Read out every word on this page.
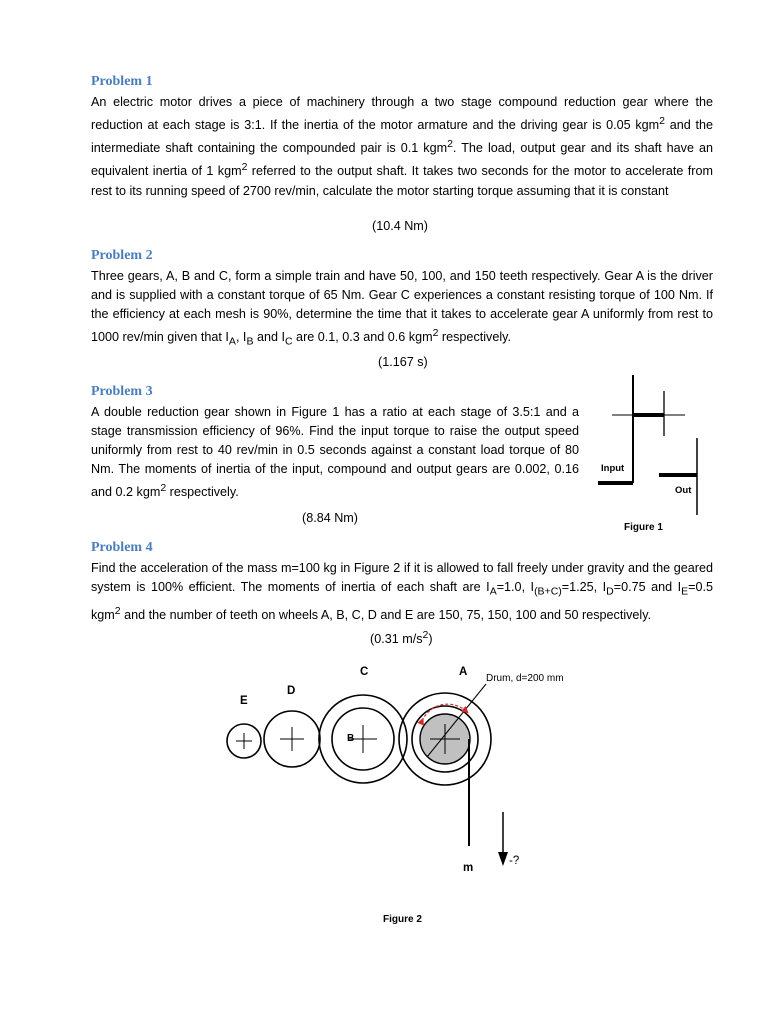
Problem 1

An electric motor drives a piece of machinery through a two stage compound reduction gear where the reduction at each stage is 3:1. If the inertia of the motor armature and the driving gear is 0.05 kgm$^2$ and the intermediate shaft containing the compounded pair is 0.1 kgm$^2$. The load, output gear and its shaft have an equivalent inertia of 1 kgm$^2$ referred to the output shaft. It takes two seconds for the motor to accelerate from rest to its running speed of 2700 rev/min, calculate the motor starting torque assuming that it is constant

(10.4 Nm)

Problem 2

Three gears, A, B and C, form a simple train and have 50, 100, and 150 teeth respectively. Gear A is the driver and is supplied with a constant torque of 65 Nm. Gear C experiences a constant resisting torque of 100 Nm. If the efficiency at each mesh is 90%, determine the time that it takes to accelerate gear A uniformly from rest to 1000 rev/min given that $I_A$, $I_B$ and $I_C$ are 0.1, 0.3 and 0.6 kgm$^2$ respectively.

(1.167 s)

Problem 3

A double reduction gear shown in Figure 1 has a ratio at each stage of 3.5:1 and a stage transmission efficiency of 96%. Find the input torque to raise the output speed uniformly from rest to 40 rev/min in 0.5 seconds against a constant load torque of 80 Nm. The moments of inertia of the input, compound and output gears are 0.002, 0.16 and 0.2 kgm$^2$ respectively.

(8.84 Nm)

Input

Out

Figure 1

Problem 4

Find the acceleration of the mass m=100 kg in Figure 2 if it is allowed to fall freely under gravity and the geared system is 100% efficient. The moments of inertia of each shaft are $I_A=1.0$, $I_{(B+C)}=1.25$, $I_D=0.75$ and $I_E=0.5$ kgm$^2$ and the number of teeth on wheels A, B, C, D and E are 150, 75, 150, 100 and 50 respectively.

(0.31 $m/s^2$)

C	A

D

E

B

Drum, d=200 mm

m

-?

Figure 2
